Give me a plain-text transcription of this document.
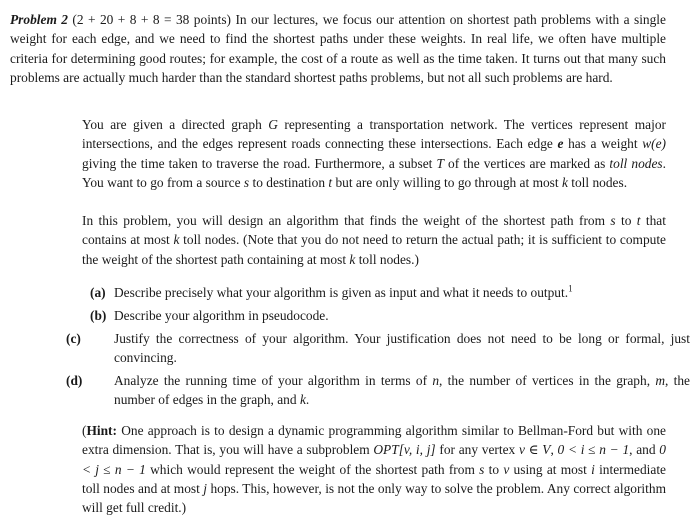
Problem 2 (2 + 20 + 8 + 8 = 38 points) In our lectures, we focus our attention on shortest path problems with a single weight for each edge, and we need to find the shortest paths under these weights. In real life, we often have multiple criteria for determining good routes; for example, the cost of a route as well as the time taken. It turns out that many such problems are actually much harder than the standard shortest paths problems, but not all such problems are hard.

You are given a directed graph G representing a transportation network. The vertices represent major intersections, and the edges represent roads connecting these intersections. Each edge e has a weight w(e) giving the time taken to traverse the road. Furthermore, a subset T of the vertices are marked as toll nodes. You want to go from a source s to destination t but are only willing to go through at most k toll nodes.

In this problem, you will design an algorithm that finds the weight of the shortest path from s to t that contains at most k toll nodes. (Note that you do not need to return the actual path; it is sufficient to compute the weight of the shortest path containing at most k toll nodes.)

(a) Describe precisely what your algorithm is given as input and what it needs to output.$^1$
(b) Describe your algorithm in pseudocode.
(c) Justify the correctness of your algorithm. Your justification does not need to be long or formal, just convincing.
(d) Analyze the running time of your algorithm in terms of n, the number of vertices in the graph, m, the number of edges in the graph, and k.

(Hint: One approach is to design a dynamic programming algorithm similar to Bellman-Ford but with one extra dimension. That is, you will have a subproblem OPT[v, i, j] for any vertex v ∈ V, 0 < i ≤ n − 1, and 0 < j ≤ n − 1 which would represent the weight of the shortest path from s to v using at most i intermediate toll nodes and at most j hops. This, however, is not the only way to solve the problem. Any correct algorithm will get full credit.)
